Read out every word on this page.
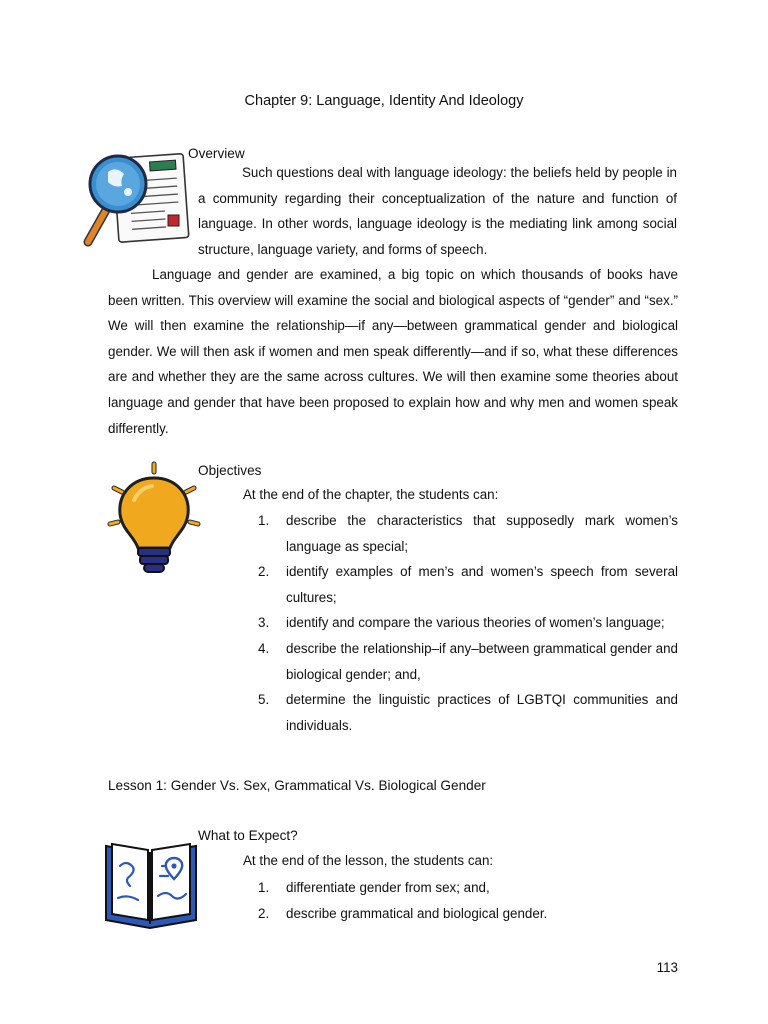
Chapter 9: Language, Identity And Ideology
Overview

Such questions deal with language ideology: the beliefs held by people in a community regarding their conceptualization of the nature and function of language. In other words, language ideology is the mediating link among social structure, language variety, and forms of speech.

Language and gender are examined, a big topic on which thousands of books have been written. This overview will examine the social and biological aspects of “gender” and “sex.” We will then examine the relationship—if any—between grammatical gender and biological gender. We will then ask if women and men speak differently—and if so, what these differences are and whether they are the same across cultures. We will then examine some theories about language and gender that have been proposed to explain how and why men and women speak differently.

Objectives
At the end of the chapter, the students can:
1.	describe the characteristics that supposedly mark women’s language as special;
2.	identify examples of men’s and women’s speech from several cultures;
3.	identify and compare the various theories of women’s language;
4.	describe the relationship–if any–between grammatical gender and biological gender; and,
5.	determine the linguistic practices of LGBTQI communities and individuals.
Lesson 1: Gender Vs. Sex, Grammatical Vs. Biological Gender
What to Expect?
At the end of the lesson, the students can:
1.	differentiate gender from sex; and,
2.	describe grammatical and biological gender.
113
